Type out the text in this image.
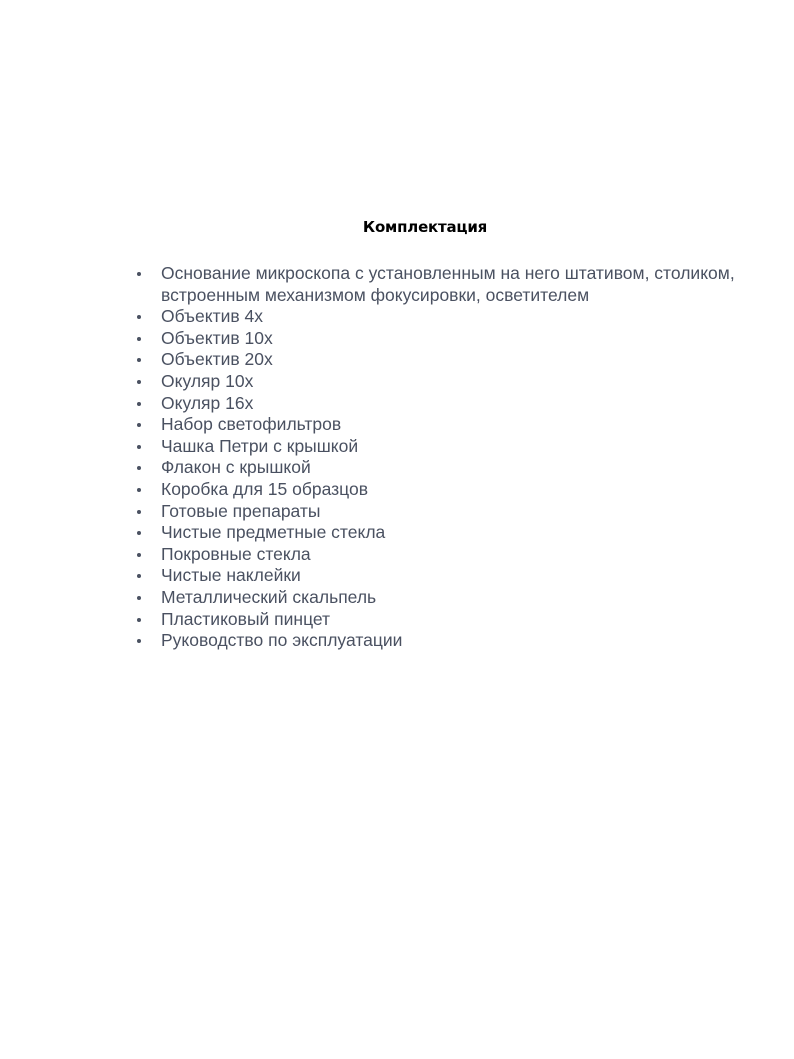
Комплектация
Основание микроскопа с установленным на него штативом, столиком, встроенным механизмом фокусировки, осветителем
Объектив 4х
Объектив 10х
Объектив 20х
Окуляр 10х
Окуляр 16х
Набор светофильтров
Чашка Петри с крышкой
Флакон с крышкой
Коробка для 15 образцов
Готовые препараты
Чистые предметные стекла
Покровные стекла
Чистые наклейки
Металлический скальпель
Пластиковый пинцет
Руководство по эксплуатации
